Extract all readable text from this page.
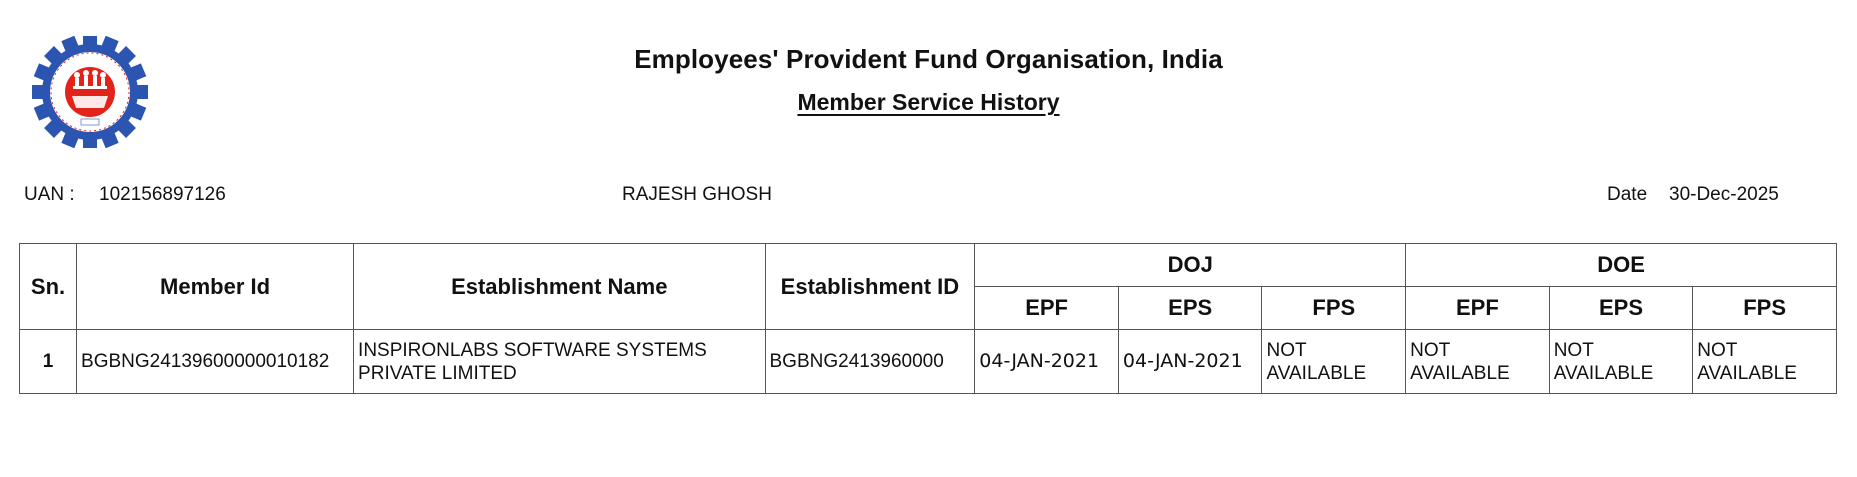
Employees' Provident Fund Organisation, India
Member Service History
UAN : 102156897126	RAJESH GHOSH	Date 30-Dec-2025
Sn.	Member Id	Establishment Name	Establishment ID	DOJ			DOE		
				EPF	EPS	FPS	EPF	EPS	FPS
1	BGBNG24139600000010182	INSPIRONLABS SOFTWARE SYSTEMS PRIVATE LIMITED	BGBNG2413960000	04-JAN-2021	04-JAN-2021	NOT AVAILABLE	NOT AVAILABLE	NOT AVAILABLE	NOT AVAILABLE
